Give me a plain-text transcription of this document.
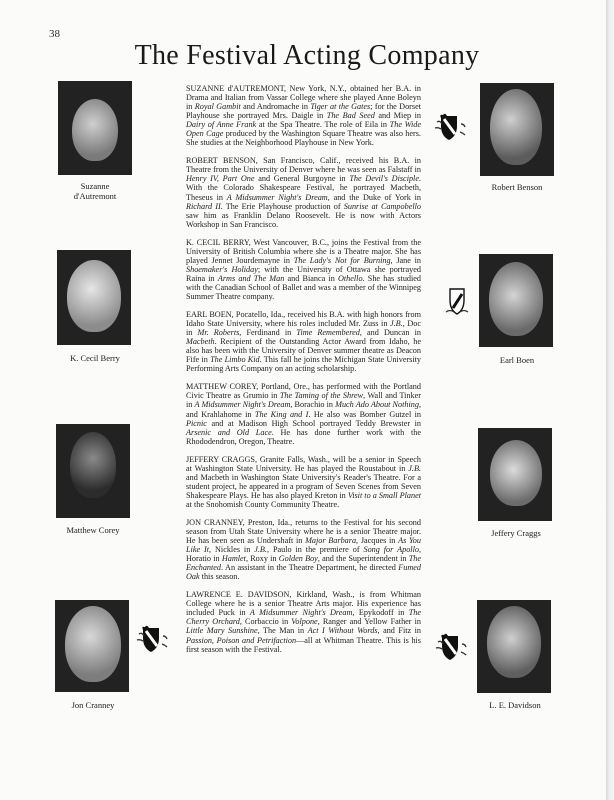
38
The Festival Acting Company
Suzanne
d'Autremont
K. Cecil Berry
Matthew Corey
Jon Cranney
Robert Benson
Earl Boen
Jeffery Craggs
L. E. Davidson

SUZANNE d'AUTREMONT, New York, N.Y., obtained her B.A. in Drama and Italian from Vassar College where she played Anne Boleyn in Royal Gambit and Andromache in Tiger at the Gates; for the Dorset Playhouse she portrayed Mrs. Daigle in The Bad Seed and Miep in Dairy of Anne Frank at the Spa Theatre. The role of Eila in The Wide Open Cage produced by the Washington Square Theatre was also hers. She studies at the Neighborhood Playhouse in New York.

ROBERT BENSON, San Francisco, Calif., received his B.A. in Theatre from the University of Denver where he was seen as Falstaff in Henry IV, Part One and General Burgoyne in The Devil's Disciple. With the Colorado Shakespeare Festival, he portrayed Macbeth, Theseus in A Midsummer Night's Dream, and the Duke of York in Richard II. The Erie Playhouse production of Sunrise at Campobello saw him as Franklin Delano Roosevelt. He is now with Actors Workshop in San Francisco.

K. CECIL BERRY, West Vancouver, B.C., joins the Festival from the University of British Columbia where she is a Theatre major. She has played Jennet Jourdemayne in The Lady's Not for Burning, Jane in Shoemaker's Holiday; with the University of Ottawa she portrayed Raina in Arms and The Man and Bianca in Othello. She has studied with the Canadian School of Ballet and was a member of the Winnipeg Summer Theatre company.

EARL BOEN, Pocatello, Ida., received his B.A. with high honors from Idaho State University, where his roles included Mr. Zuss in J.B., Doc in Mr. Roberts, Ferdinand in Time Remembered, and Duncan in Macbeth. Recipient of the Outstanding Actor Award from Idaho, he also has been with the University of Denver summer theatre as Deacon Fife in The Limbo Kid. This fall he joins the Michigan State University Performing Arts Company on an acting scholarship.

MATTHEW COREY, Portland, Ore., has performed with the Portland Civic Theatre as Grumio in The Taming of the Shrew, Wall and Tinker in A Midsummer Night's Dream, Borachio in Much Ado About Nothing, and Krahlahome in The King and I. He also was Bomber Gutzel in Picnic and at Madison High School portrayed Teddy Brewster in Arsenic and Old Lace. He has done further work with the Rhododendron, Oregon, Theatre.

JEFFERY CRAGGS, Granite Falls, Wash., will be a senior in Speech at Washington State University. He has played the Roustabout in J.B. and Macbeth in Washington State University's Reader's Theatre. For a student project, he appeared in a program of Seven Scenes from Seven Shakespeare Plays. He has also played Kreton in Visit to a Small Planet at the Snohomish County Community Theatre.

JON CRANNEY, Preston, Ida., returns to the Festival for his second season from Utah State University where he is a senior Theatre major. He has been seen as Undershaft in Major Barbara, Jacques in As You Like It, Nickles in J.B., Paulo in the premiere of Song for Apollo, Horatio in Hamlet, Roxy in Golden Boy, and the Superintendent in The Enchanted. An assistant in the Theatre Department, he directed Fumed Oak this season.

LAWRENCE E. DAVIDSON, Kirkland, Wash., is from Whitman College where he is a senior Theatre Arts major. His experience has included Puck in A Midsummer Night's Dream, Epykodoff in The Cherry Orchard, Corbaccio in Volpone, Ranger and Yellow Father in Little Mary Sunshine, The Man in Act I Without Words, and Fitz in Passion, Poison and Petrifaction—all at Whitman Theatre. This is his first season with the Festival.
